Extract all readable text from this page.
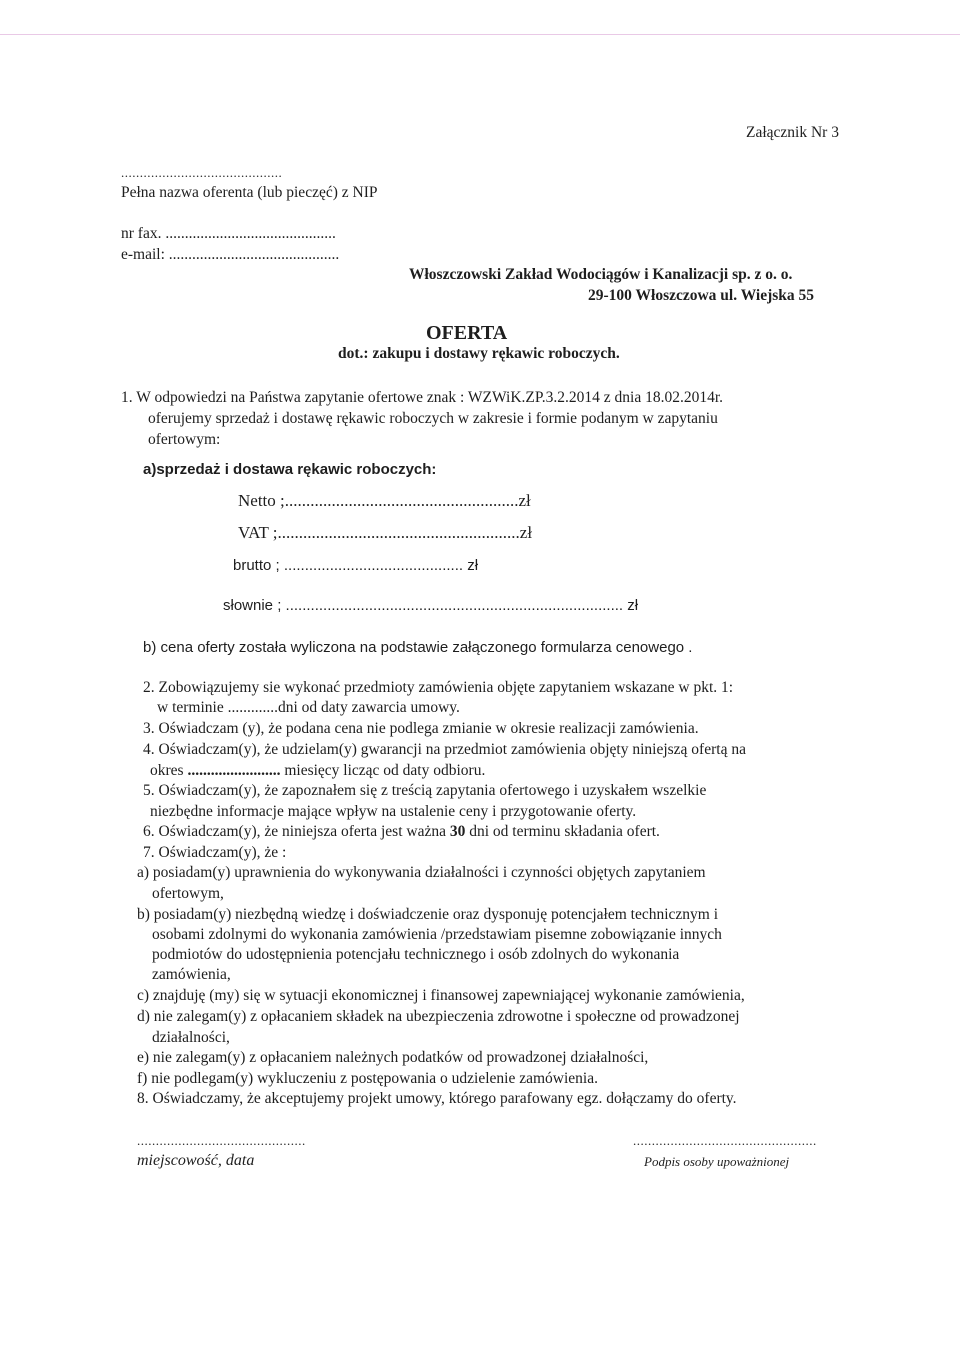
Załącznik Nr 3
...........................................
Pełna nazwa oferenta (lub pieczęć) z NIP
nr fax. ............................................
e-mail: ............................................
Włoszczowski Zakład Wodociągów i Kanalizacji sp. z o. o.
29-100 Włoszczowa ul. Wiejska 55
OFERTA
dot.: zakupu i dostawy rękawic roboczych.
1. W odpowiedzi na Państwa zapytanie ofertowe znak : WZWiK.ZP.3.2.2014 z dnia 18.02.2014r.
oferujemy sprzedaż i dostawę rękawic roboczych w zakresie i formie podanym w zapytaniu
ofertowym:
a)sprzedaż i dostawa rękawic roboczych:
Netto ;.......................................................zł
VAT ;.........................................................zł
brutto ; ........................................... zł
słownie ; ................................................................................. zł
b) cena oferty została wyliczona na podstawie załączonego formularza cenowego .
2. Zobowiązujemy sie wykonać przedmioty zamówienia objęte zapytaniem wskazane w pkt. 1:
w terminie .............dni od daty zawarcia umowy.
3. Oświadczam (y), że podana cena nie podlega zmianie w okresie realizacji zamówienia.
4. Oświadczam(y), że udzielam(y) gwarancji na przedmiot zamówienia objęty niniejszą ofertą na
okres ........................ miesięcy licząc od daty odbioru.
5. Oświadczam(y), że zapoznałem się z treścią zapytania ofertowego i uzyskałem wszelkie
niezbędne informacje mające wpływ na ustalenie ceny i przygotowanie oferty.
6. Oświadczam(y), że niniejsza oferta jest ważna 30 dni od terminu składania ofert.
7. Oświadczam(y), że :
a) posiadam(y) uprawnienia do wykonywania działalności i czynności objętych zapytaniem
ofertowym,
b) posiadam(y) niezbędną wiedzę i doświadczenie oraz dysponuję potencjałem technicznym i
osobami zdolnymi do wykonania zamówienia /przedstawiam pisemne zobowiązanie innych
podmiotów do udostępnienia potencjału technicznego i osób zdolnych do wykonania
zamówienia,
c) znajduję (my) się w sytuacji ekonomicznej i finansowej zapewniającej wykonanie zamówienia,
d) nie zalegam(y) z opłacaniem składek na ubezpieczenia zdrowotne i społeczne od prowadzonej
działalności,
e) nie zalegam(y) z opłacaniem należnych podatków od prowadzonej działalności,
f) nie podlegam(y) wykluczeniu z postępowania o udzielenie zamówienia.
8. Oświadczamy, że akceptujemy projekt umowy, którego parafowany egz. dołączamy do oferty.
.............................................
miejscowość, data
.................................................
Podpis osoby upoważnionej
